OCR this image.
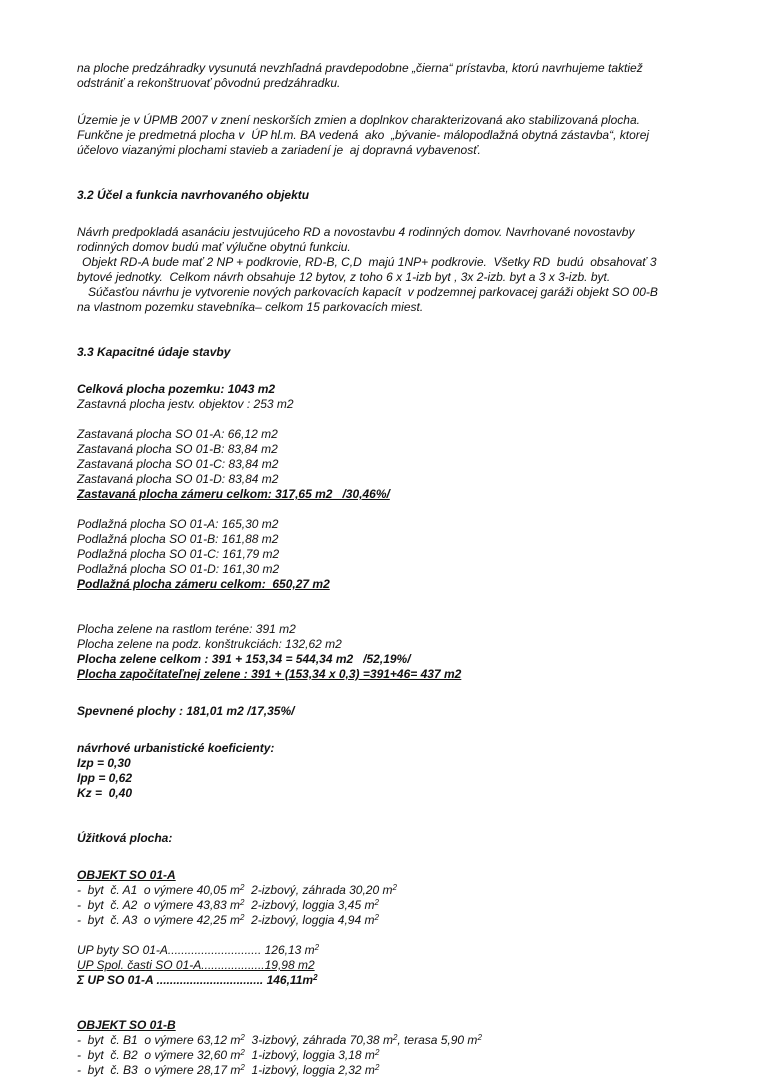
na ploche predzáhradky vysunutá nevzhľadná pravdepodobne „čierna“ prístavba, ktorú navrhujeme taktiež
odstrániť a rekonštruovať pôvodnú predzáhradku.
Územie je v ÚPMB 2007 v znení neskorších zmien a doplnkov charakterizovaná ako stabilizovaná plocha.
Funkčne je predmetná plocha v  ÚP hl.m. BA vedená  ako  „bývanie- málopodlažná obytná zástavba“, ktorej
účelovo viazanými plochami stavieb a zariadení je  aj dopravná vybavenosť.
3.2 Účel a funkcia navrhovaného objektu
Návrh predpokladá asanáciu jestvujúceho RD a novostavbu 4 rodinných domov. Navrhované novostavby
rodinných domov budú mať výlučne obytnú funkciu.
Objekt RD-A bude mať 2 NP + podkrovie, RD-B, C,D  majú 1NP+ podkrovie.  Všetky RD  budú  obsahovať 3
bytové jednotky.  Celkom návrh obsahuje 12 bytov, z toho 6 x 1-izb byt , 3x 2-izb. byt a 3 x 3-izb. byt.
Súčasťou návrhu je vytvorenie nových parkovacích kapacít  v podzemnej parkovacej garáži objekt SO 00-B
na vlastnom pozemku stavebníka– celkom 15 parkovacích miest.
3.3 Kapacitné údaje stavby
Celková plocha pozemku: 1043 m2
Zastavná plocha jestv. objektov : 253 m2
Zastavaná plocha SO 01-A: 66,12 m2
Zastavaná plocha SO 01-B: 83,84 m2
Zastavaná plocha SO 01-C: 83,84 m2
Zastavaná plocha SO 01-D: 83,84 m2
Zastavaná plocha zámeru celkom: 317,65 m2   /30,46%/
Podlažná plocha SO 01-A: 165,30 m2
Podlažná plocha SO 01-B: 161,88 m2
Podlažná plocha SO 01-C: 161,79 m2
Podlažná plocha SO 01-D: 161,30 m2
Podlažná plocha zámeru celkom:  650,27 m2
Plocha zelene na rastlom teréne: 391 m2
Plocha zelene na podz. konštrukciách: 132,62 m2
Plocha zelene celkom : 391 + 153,34 = 544,34 m2   /52,19%/
Plocha započítateľnej zelene : 391 + (153,34 x 0,3) =391+46= 437 m2
Spevnené plochy : 181,01 m2 /17,35%/
návrhové urbanistické koeficienty:
Izp = 0,30
Ipp = 0,62
Kz =  0,40
Úžitková plocha:
OBJEKT SO 01-A
-  byt  č. A1  o výmere 40,05 $m^2$  2-izbový, záhrada 30,20 $m^2$
-  byt  č. A2  o výmere 43,83 $m^2$  2-izbový, loggia 3,45 $m^2$
-  byt  č. A3  o výmere 42,25 $m^2$  2-izbový, loggia 4,94 $m^2$
UP byty SO 01-A............................ 126,13 $m^2$
UP Spol. časti SO 01-A...................19,98 m2
Σ UP SO 01-A ................................ $146,11m^2$
OBJEKT SO 01-B
-  byt  č. B1  o výmere 63,12 $m^2$  3-izbový, záhrada 70,38 $m^2$, terasa 5,90 $m^2$
-  byt  č. B2  o výmere 32,60 $m^2$  1-izbový, loggia 3,18 $m^2$
-  byt  č. B3  o výmere 28,17 $m^2$  1-izbový, loggia 2,32 $m^2$
